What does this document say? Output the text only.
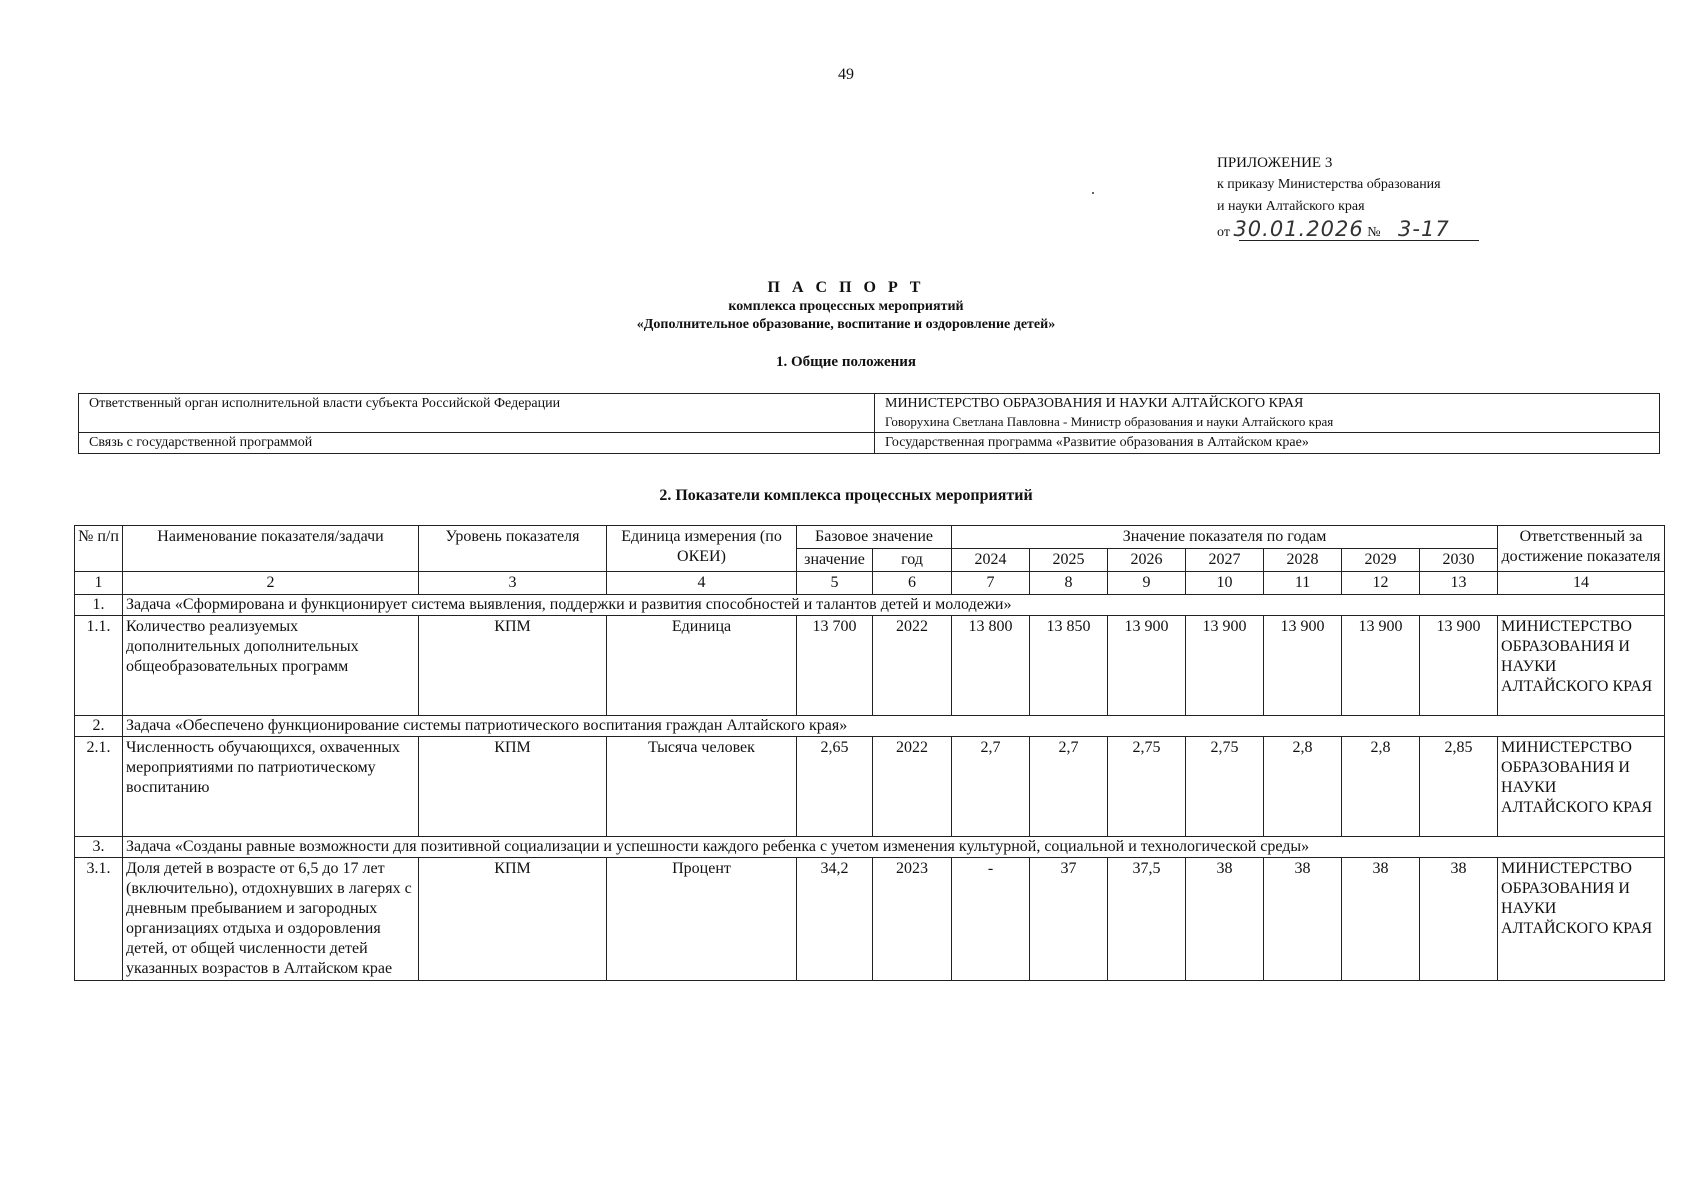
49
ПРИЛОЖЕНИЕ 3
к приказу Министерства образования
и науки Алтайского края
от 30.01.2026 № 3-17
П А С П О Р Т
комплекса процессных мероприятий
«Дополнительное образование, воспитание и оздоровление детей»
1. Общие положения
Ответственный орган исполнительной власти субъекта Российской Федерации	МИНИСТЕРСТВО ОБРАЗОВАНИЯ И НАУКИ АЛТАЙСКОГО КРАЯ
Говорухина Светлана Павловна - Министр образования и науки Алтайского края

Связь с государственной программой	Государственная программа «Развитие образования в Алтайском крае»
2. Показатели комплекса процессных мероприятий
№ п/п	Наименование показателя/задачи	Уровень показателя	Единица измерения (по ОКЕИ)	Базовое значение		Значение показателя по годам							Ответственный за достижение показателя
				значение	год	2024	2025	2026	2027	2028	2029	2030	
1	2	3	4	5	6	7	8	9	10	11	12	13	14
1.	Задача «Сформирована и функционирует система выявления, поддержки и развития способностей и талантов детей и молодежи»												
1.1.	Количество реализуемых дополнительных дополнительных общеобразовательных программ	КПМ	Единица	13 700	2022	13 800	13 850	13 900	13 900	13 900	13 900	13 900	МИНИСТЕРСТВО ОБРАЗОВАНИЯ И НАУКИ АЛТАЙСКОГО КРАЯ
2.	Задача «Обеспечено функционирование системы патриотического воспитания граждан Алтайского края»												
2.1.	Численность обучающихся, охваченных мероприятиями по патриотическому воспитанию	КПМ	Тысяча человек	2,65	2022	2,7	2,7	2,75	2,75	2,8	2,8	2,85	МИНИСТЕРСТВО ОБРАЗОВАНИЯ И НАУКИ АЛТАЙСКОГО КРАЯ
3.	Задача «Созданы равные возможности для позитивной социализации и успешности каждого ребенка с учетом изменения культурной, социальной и технологической среды»												
3.1.	Доля детей в возрасте от 6,5 до 17 лет (включительно), отдохнувших в лагерях с дневным пребыванием и загородных организациях отдыха и оздоровления детей, от общей численности детей указанных возрастов в Алтайском крае	КПМ	Процент	34,2	2023	-	37	37,5	38	38	38	38	МИНИСТЕРСТВО ОБРАЗОВАНИЯ И НАУКИ АЛТАЙСКОГО КРАЯ
